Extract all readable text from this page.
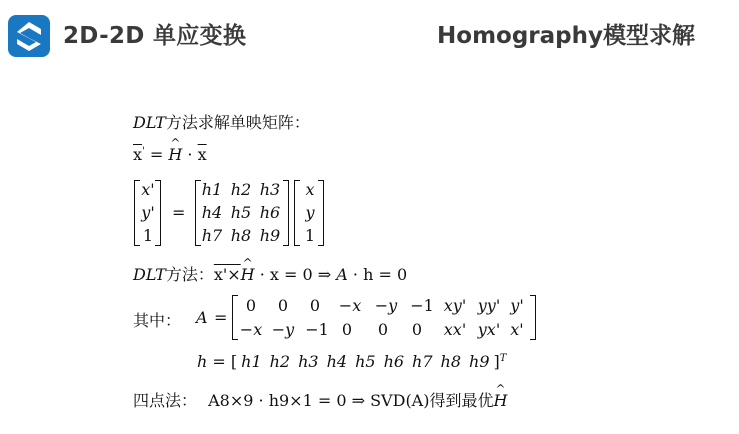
2D-2D 单应变换	Homography模型求解
DLT方法求解单映矩阵：
$\overline{x}'$ = ^ $H \cdot \overline{x}$
x'
y'
1
=
h1 h2 h3
h4 h5 h6
h7 h8 h9
x
y
1
DLT方法：x'×^ H · x = 0 ⇒ A · h = 0
其中： A =
0	0	0	−x −y −1 xy' yy' y'
−x −y −1 0	0	0	xx' yx' x'
h = [ h1 h2 h3 h4 h5 h6 h7 h8 h9 ]$^T$
四点法： A8×9 · h9×1 = 0 ⇒ SVD(A)得到最优^ H
